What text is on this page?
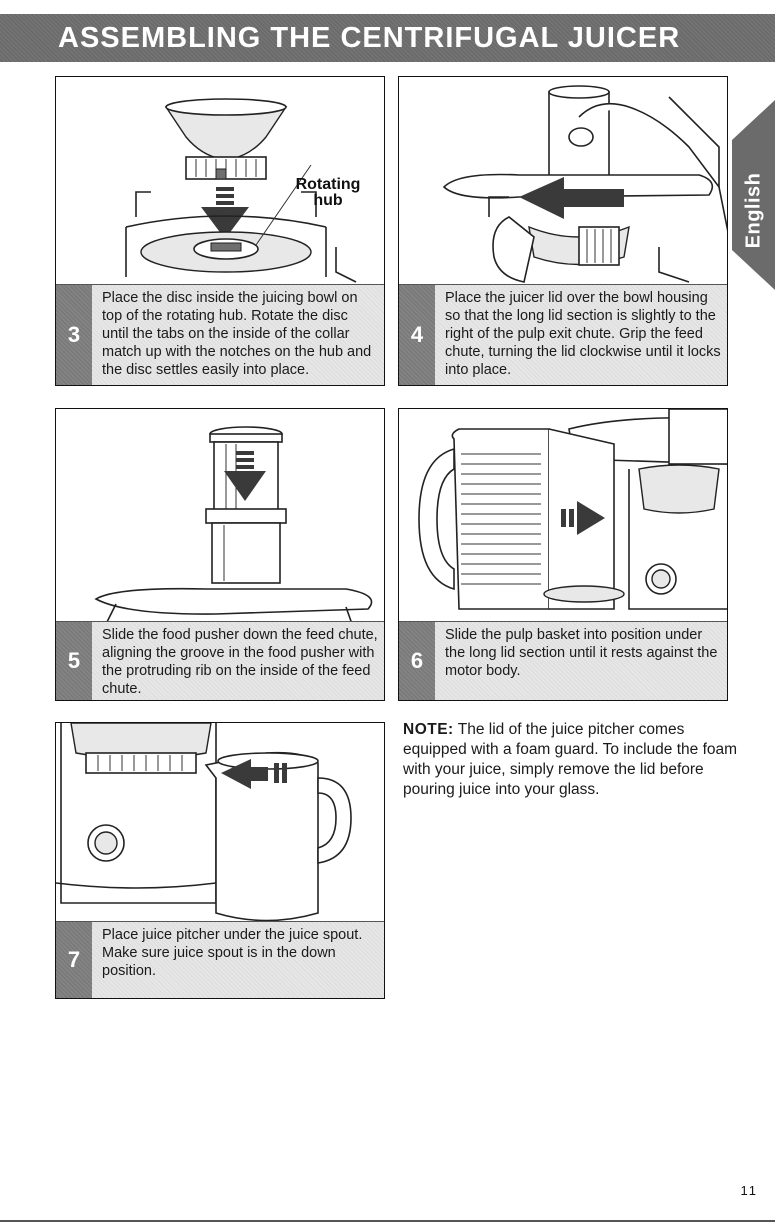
ASSEMBLING THE CENTRIFUGAL JUICER
English
Rotating hub
3

Place the disc inside the juicing bowl on top of the rotating hub. Rotate the disc until the tabs on the inside of the collar match up with the notches on the hub and the disc settles easily into place.

4

Place the juicer lid over the bowl housing so that the long lid section is slightly to the right of the pulp exit chute. Grip the feed chute, turning the lid clockwise until it locks into place.

5

Slide the food pusher down the feed chute, aligning the groove in the food pusher with the protruding rib on the inside of the feed chute.

6

Slide the pulp basket into position under the long lid section until it rests against the motor body.

7

Place juice pitcher under the juice spout. Make sure juice spout is in the down position.

NOTE: The lid of the juice pitcher comes equipped with a foam guard. To include the foam with your juice, simply remove the lid before pouring juice into your glass.

11
